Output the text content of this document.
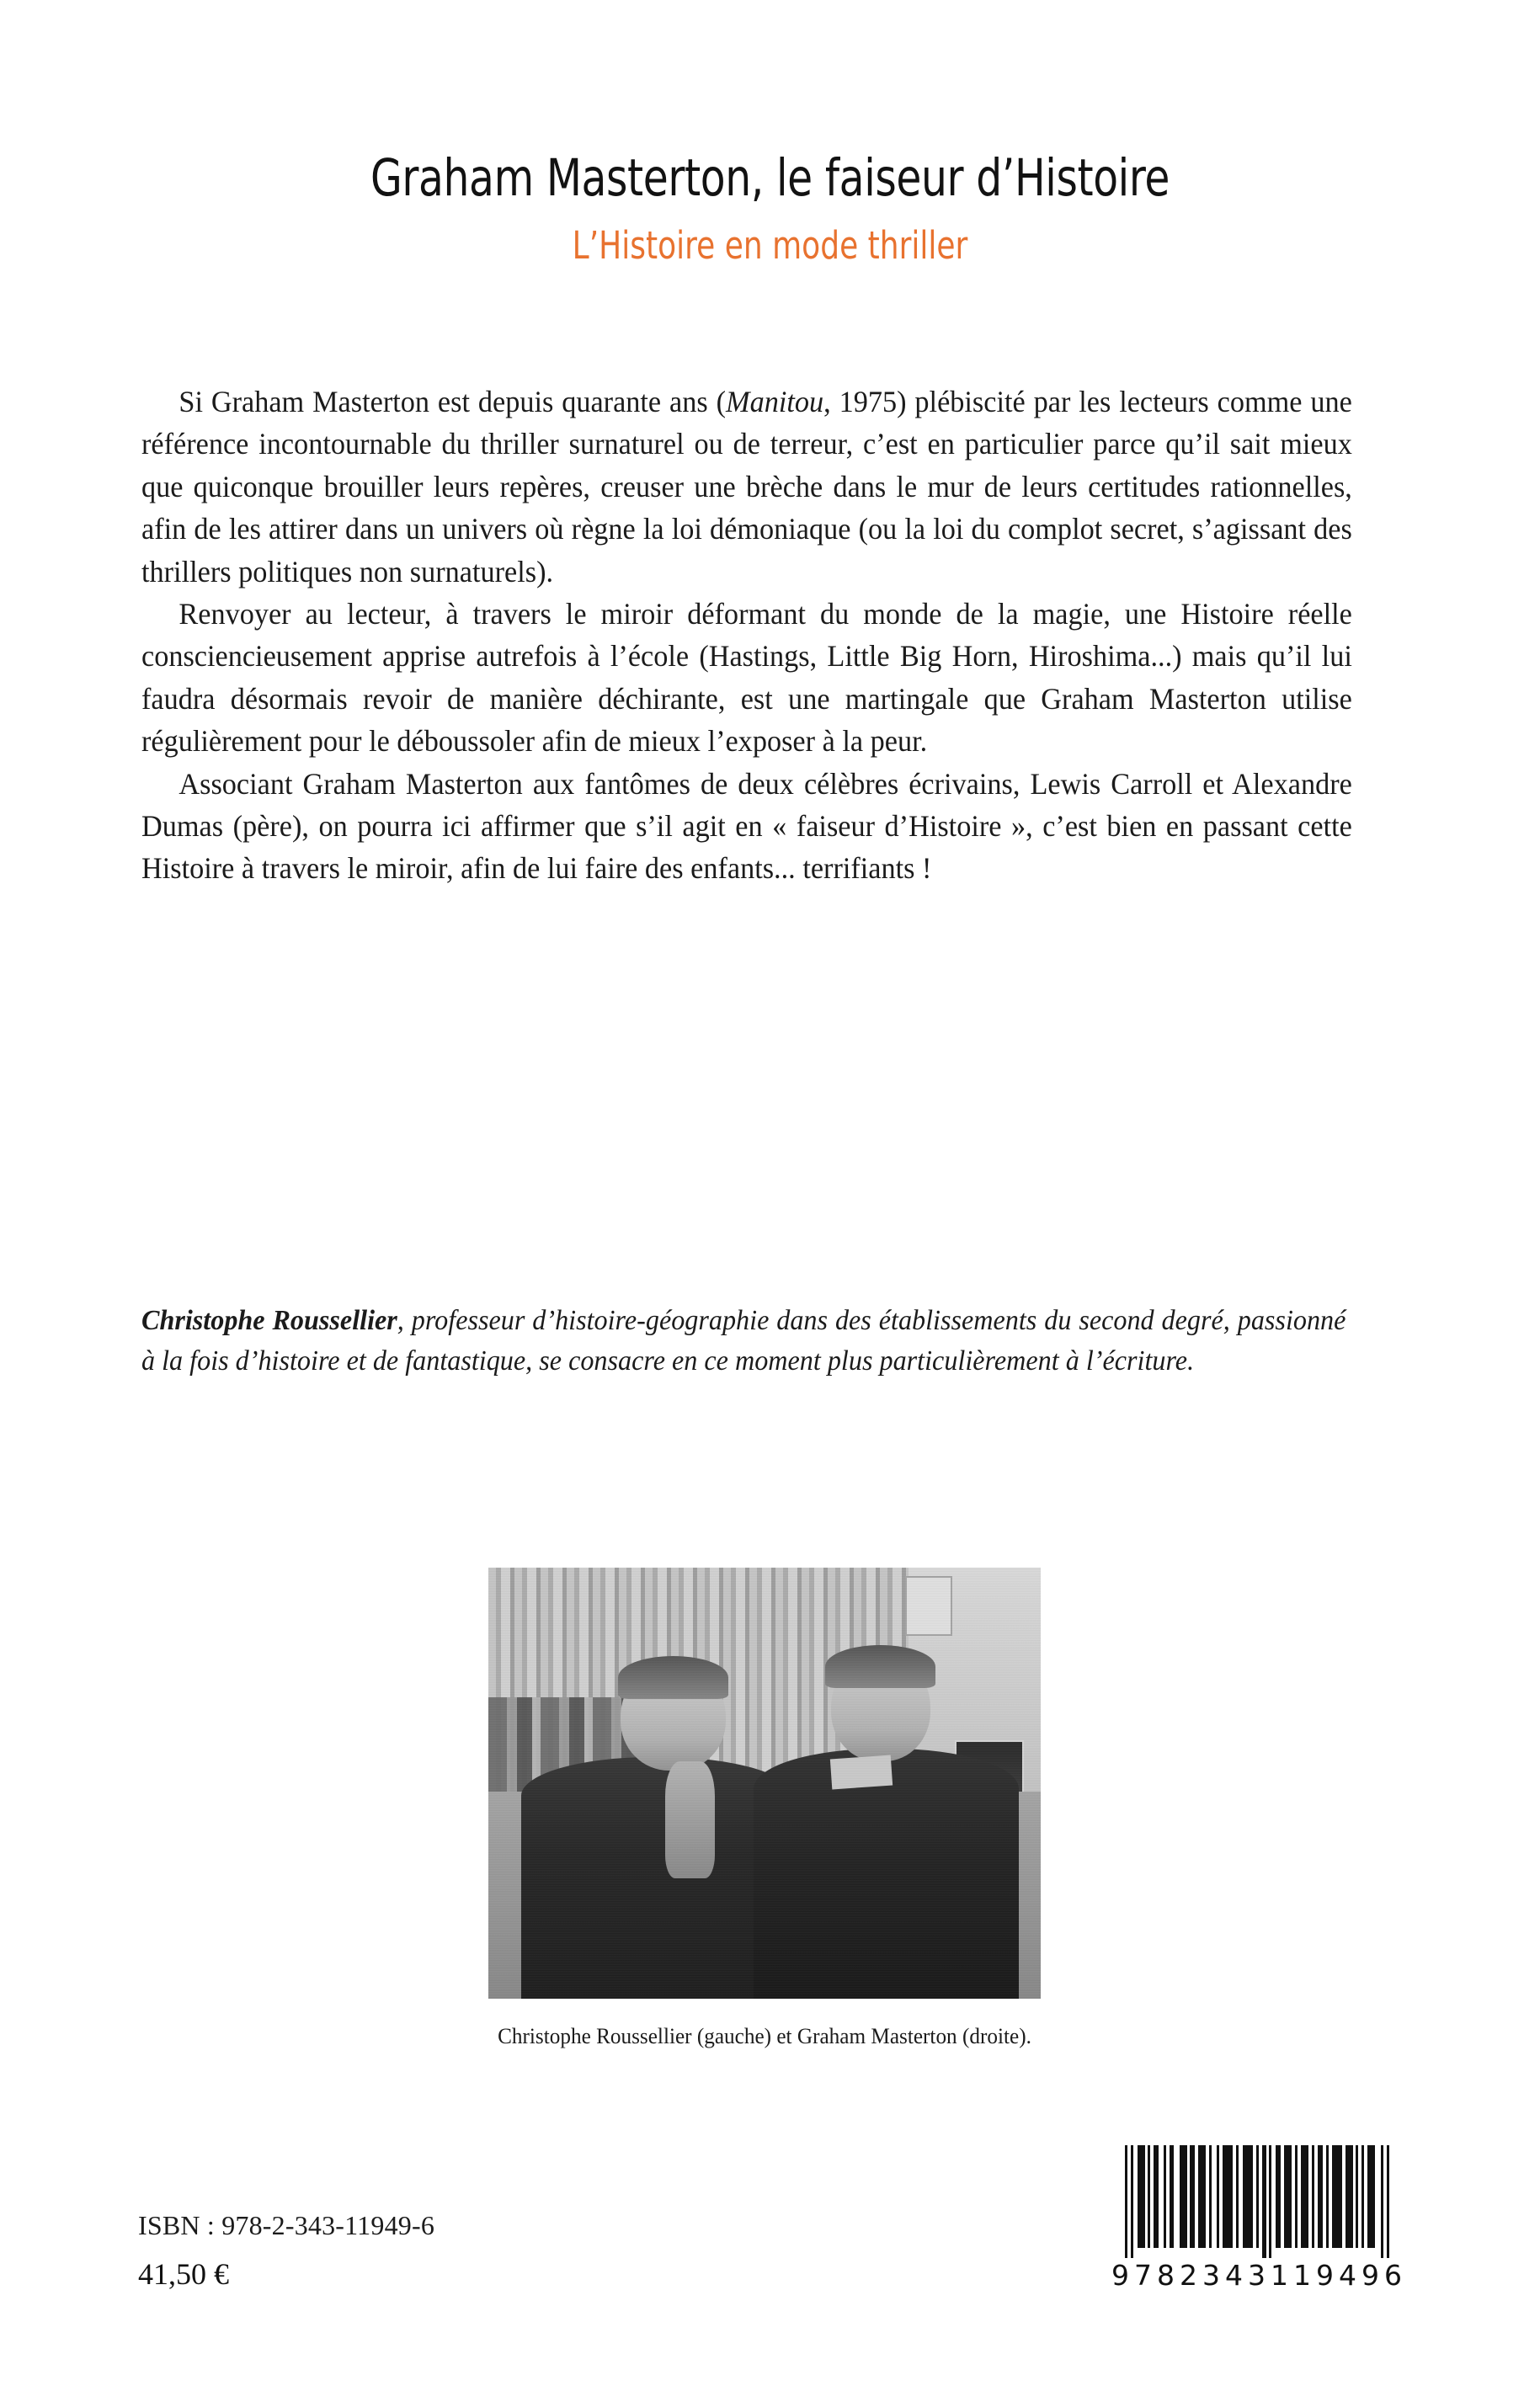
Graham Masterton, le faiseur d’Histoire
L’Histoire en mode thriller

Si Graham Masterton est depuis quarante ans (Manitou, 1975) plébiscité par les lecteurs comme une référence incontournable du thriller surnaturel ou de terreur, c’est en particulier parce qu’il sait mieux que quiconque brouiller leurs repères, creuser une brèche dans le mur de leurs certitudes rationnelles, afin de les attirer dans un univers où règne la loi démoniaque (ou la loi du complot secret, s’agissant des thrillers politiques non surnaturels).

Renvoyer au lecteur, à travers le miroir déformant du monde de la magie, une Histoire réelle consciencieusement apprise autrefois à l’école (Hastings, Little Big Horn, Hiroshima...) mais qu’il lui faudra désormais revoir de manière déchirante, est une martingale que Graham Masterton utilise régulièrement pour le déboussoler afin de mieux l’exposer à la peur.

Associant Graham Masterton aux fantômes de deux célèbres écrivains, Lewis Carroll et Alexandre Dumas (père), on pourra ici affirmer que s’il agit en « faiseur d’Histoire », c’est bien en passant cette Histoire à travers le miroir, afin de lui faire des enfants... terrifiants !

Christophe Roussellier, professeur d’histoire-géographie dans des établissements du second degré, passionné à la fois d’histoire et de fantastique, se consacre en ce moment plus particulièrement à l’écriture.
Christophe Roussellier (gauche) et Graham Masterton (droite).
ISBN : 978-2-343-11949-6
41,50 €	9 782343 119496
